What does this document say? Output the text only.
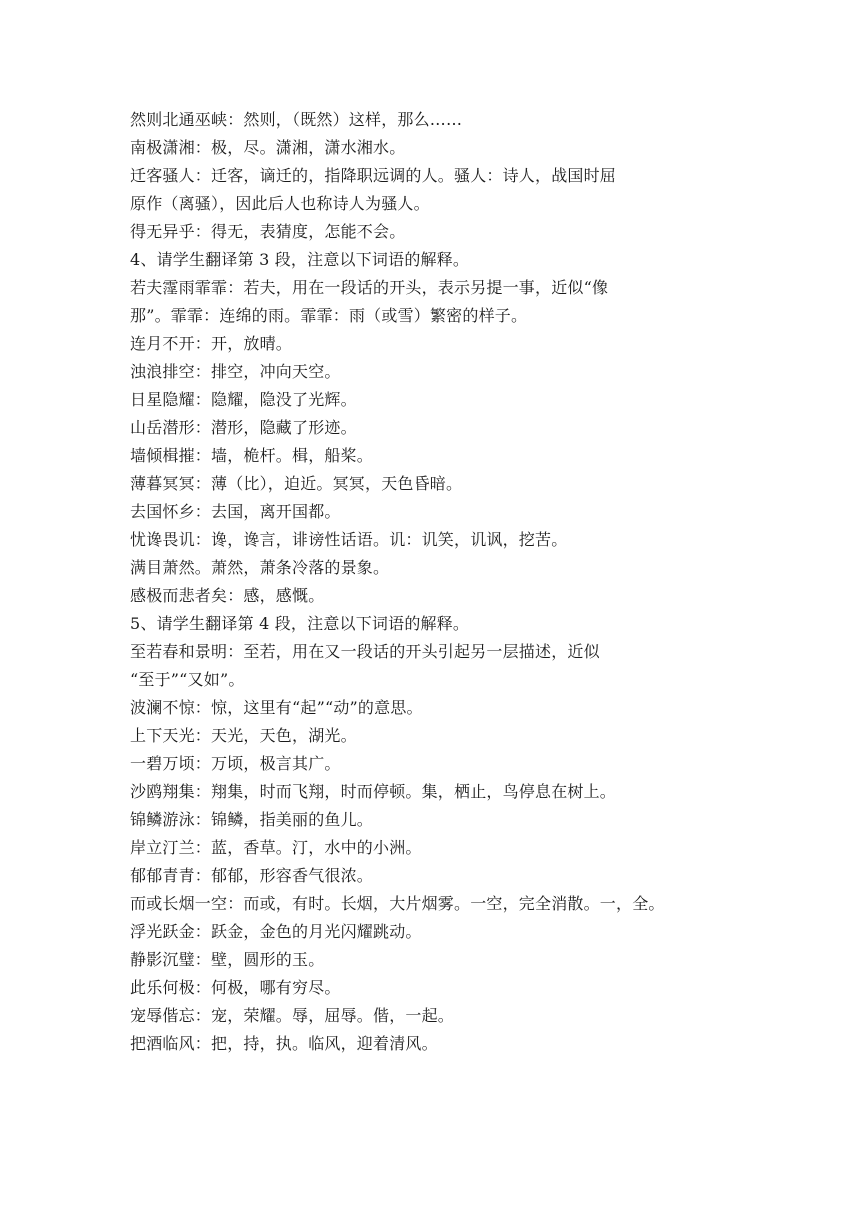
然则北通巫峡：然则，（既然）这样，那么……
南极潇湘：极，尽。潇湘，潇水湘水。
迁客骚人：迁客，谪迁的，指降职远调的人。骚人：诗人，战国时屈
原作（离骚），因此后人也称诗人为骚人。
得无异乎：得无，表猜度，怎能不会。
4、请学生翻译第 3 段，注意以下词语的解释。
若夫霪雨霏霏：若夫，用在一段话的开头，表示另提一事，近似“像
那”。霏霏：连绵的雨。霏霏：雨（或雪）繁密的样子。
连月不开：开，放晴。
浊浪排空：排空，冲向天空。
日星隐耀：隐耀，隐没了光辉。
山岳潜形：潜形，隐藏了形迹。
墙倾楫摧：墙，桅杆。楫，船桨。
薄暮冥冥：薄（比），迫近。冥冥，天色昏暗。
去国怀乡：去国，离开国都。
忧谗畏讥：谗，谗言，诽谤性话语。讥：讥笑，讥讽，挖苦。
满目萧然。萧然，萧条冷落的景象。
感极而悲者矣：感，感慨。
5、请学生翻译第 4 段，注意以下词语的解释。
至若春和景明：至若，用在又一段话的开头引起另一层描述，近似
“至于”“又如”。
波澜不惊：惊，这里有“起”“动”的意思。
上下天光：天光，天色，湖光。
一碧万顷：万顷，极言其广。
沙鸥翔集：翔集，时而飞翔，时而停顿。集，栖止，鸟停息在树上。
锦鳞游泳：锦鳞，指美丽的鱼儿。
岸立汀兰：蓝，香草。汀，水中的小洲。
郁郁青青：郁郁，形容香气很浓。
而或长烟一空：而或，有时。长烟，大片烟雾。一空，完全消散。一，全。
浮光跃金：跃金，金色的月光闪耀跳动。
静影沉璧：壁，圆形的玉。
此乐何极：何极，哪有穷尽。
宠辱偕忘：宠，荣耀。辱，屈辱。偕，一起。
把酒临风：把，持，执。临风，迎着清风。
